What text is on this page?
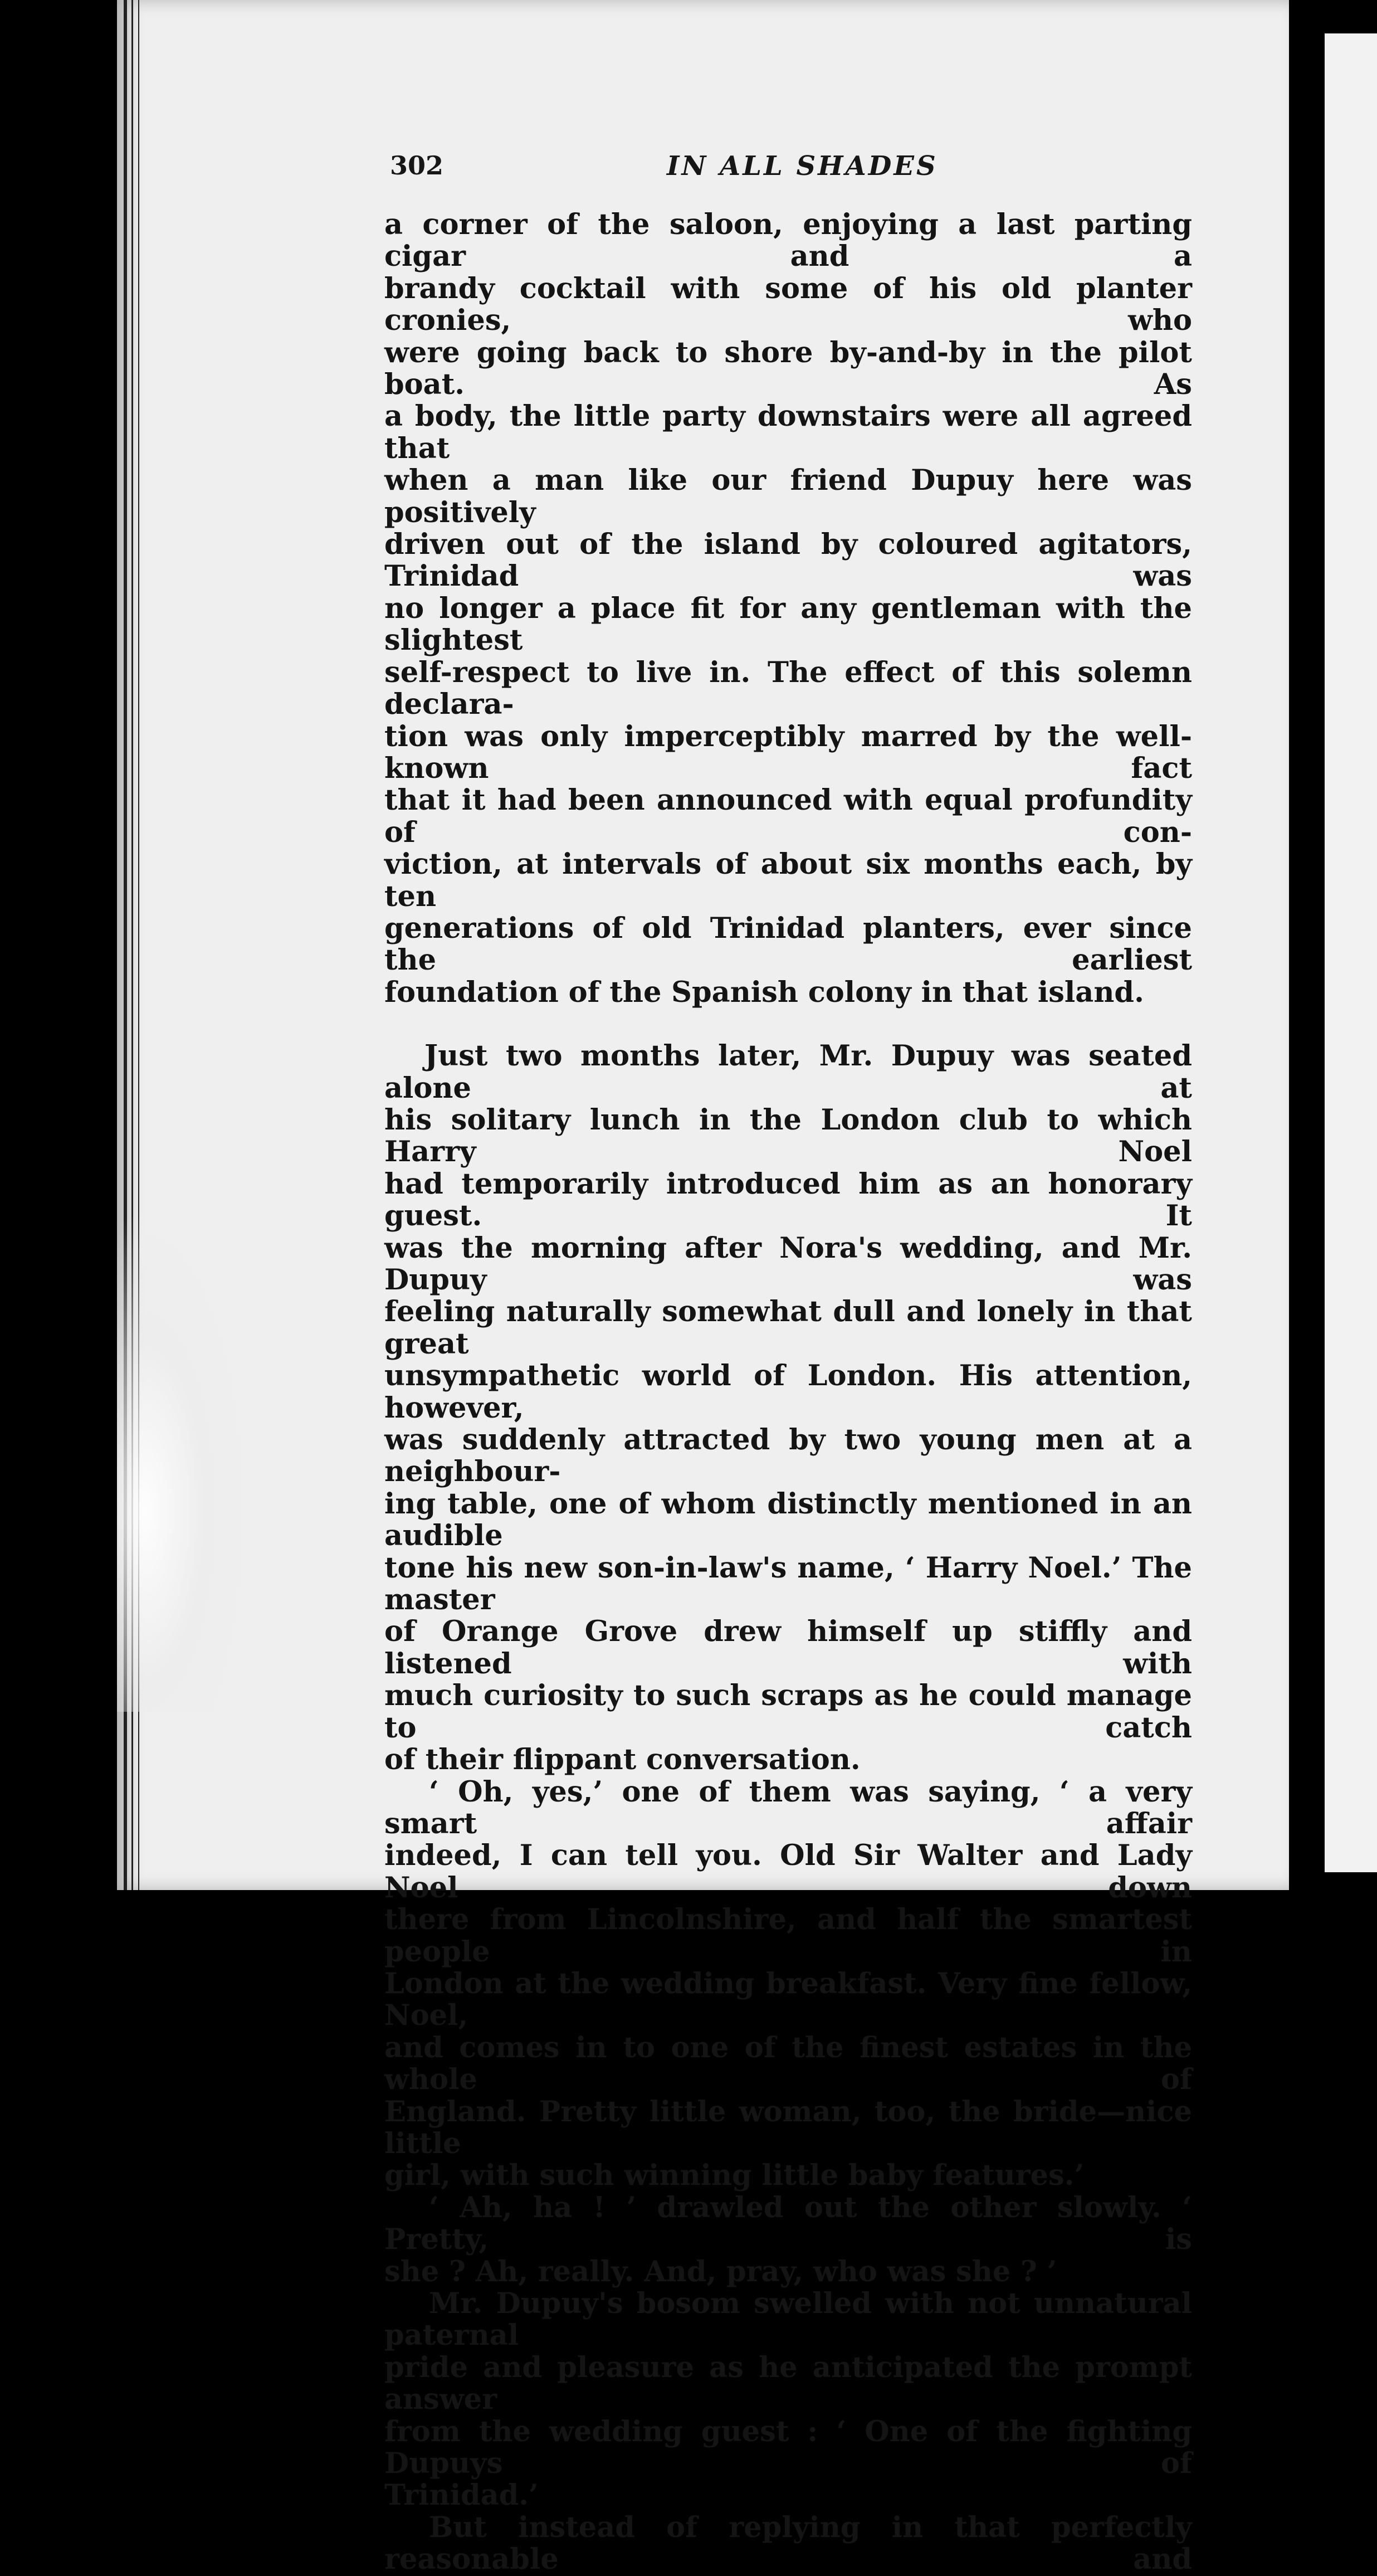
302	IN ALL SHADES

a corner of the saloon, enjoying a last parting cigar and a

brandy cocktail with some of his old planter cronies, who

were going back to shore by-and-by in the pilot boat. As

a body, the little party downstairs were all agreed that

when a man like our friend Dupuy here was positively

driven out of the island by coloured agitators, Trinidad was

no longer a place fit for any gentleman with the slightest

self-respect to live in. The effect of this solemn declara-

tion was only imperceptibly marred by the well-known fact

that it had been announced with equal profundity of con-

viction, at intervals of about six months each, by ten

generations of old Trinidad planters, ever since the earliest

foundation of the Spanish colony in that island.

Just two months later, Mr. Dupuy was seated alone at

his solitary lunch in the London club to which Harry Noel

had temporarily introduced him as an honorary guest. It

was the morning after Nora's wedding, and Mr. Dupuy was

feeling naturally somewhat dull and lonely in that great

unsympathetic world of London. His attention, however,

was suddenly attracted by two young men at a neighbour-

ing table, one of whom distinctly mentioned in an audible

tone his new son-in-law's name, ‘ Harry Noel.’ The master

of Orange Grove drew himself up stiffly and listened with

much curiosity to such scraps as he could manage to catch

of their flippant conversation.

‘ Oh, yes,’ one of them was saying, ‘ a very smart affair

indeed, I can tell you. Old Sir Walter and Lady Noel down

there from Lincolnshire, and half the smartest people in

London at the wedding breakfast. Very fine fellow, Noel,

and comes in to one of the finest estates in the whole of

England. Pretty little woman, too, the bride—nice little

girl, with such winning little baby features.’

‘ Ah, ha ! ’ drawled out the other slowly. ‘ Pretty, is

she ? Ah, really. And, pray, who was she ? ’

Mr. Dupuy's bosom swelled with not unnatural paternal

pride and pleasure as he anticipated the prompt answer

from the wedding guest : ‘ One of the fighting Dupuys of

Trinidad.’

But instead of replying in that perfectly reasonable and
